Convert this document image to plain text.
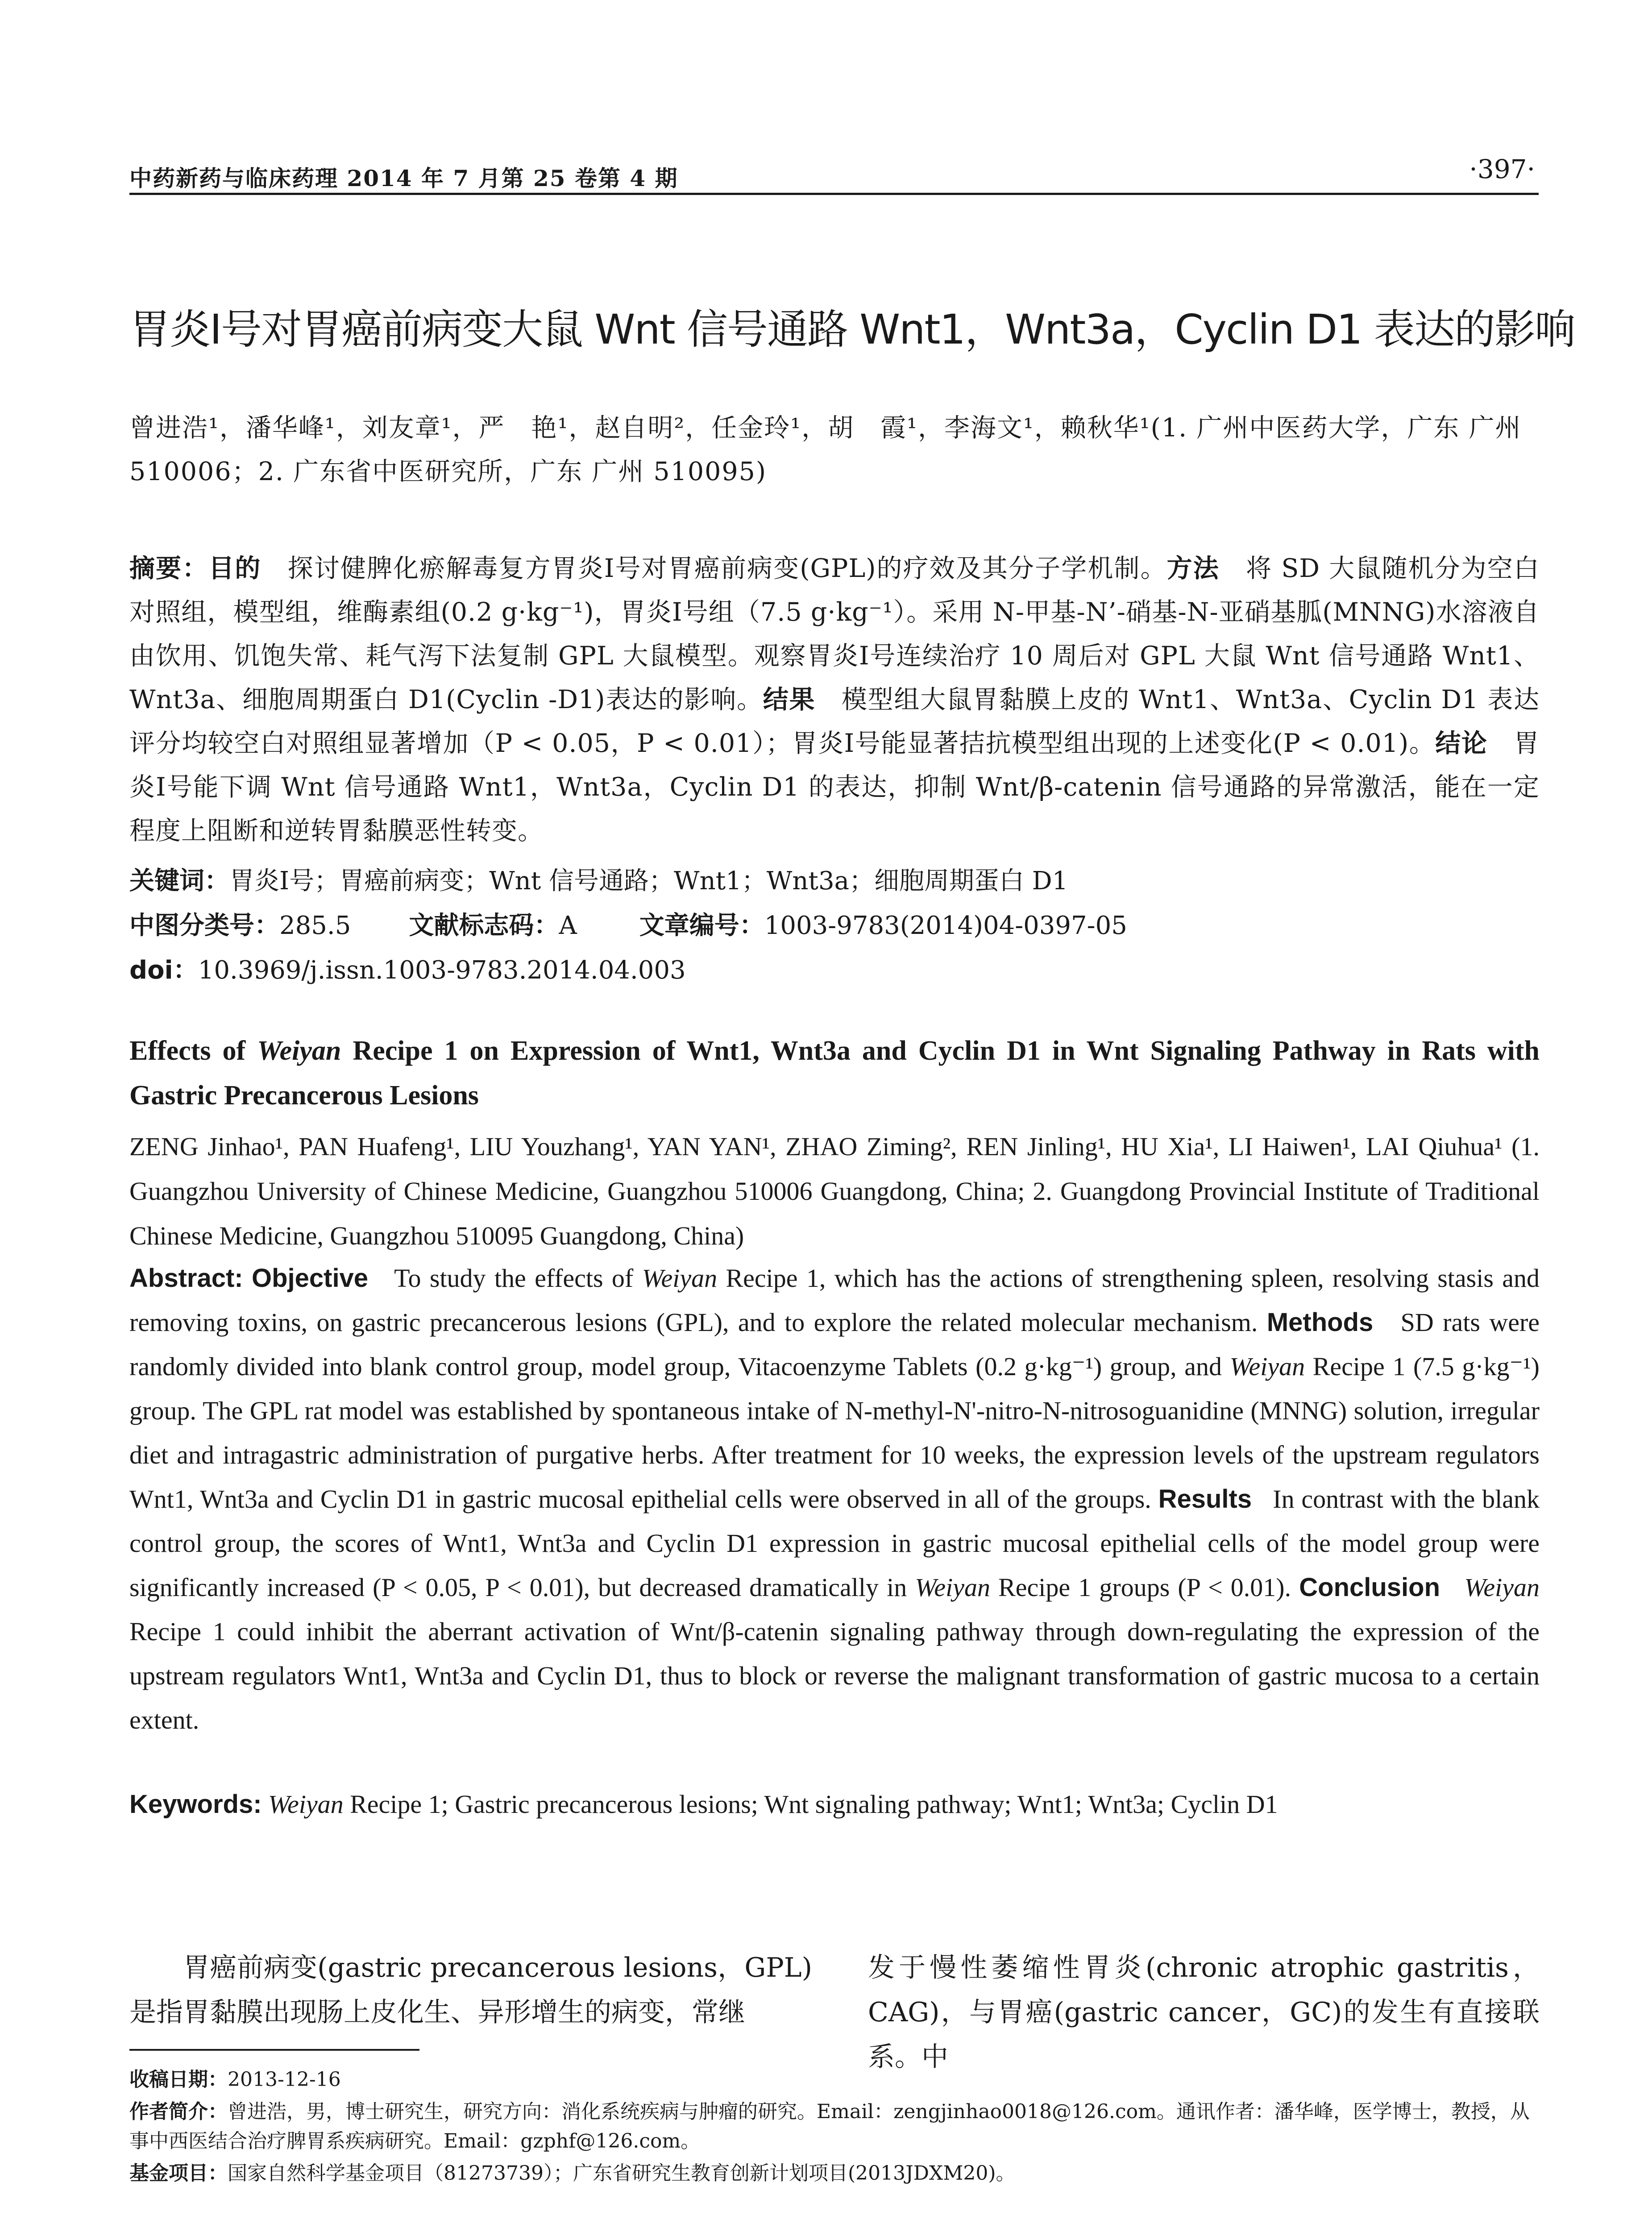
中药新药与临床药理 2014 年 7 月第 25 卷第 4 期	·397·
胃炎Ⅰ号对胃癌前病变大鼠 Wnt 信号通路 Wnt1，Wnt3a，Cyclin D1 表达的影响
曾进浩¹，潘华峰¹，刘友章¹，严　艳¹，赵自明²，任金玲¹，胡　霞¹，李海文¹，赖秋华¹(1. 广州中医药大学，广东 广州 510006；2. 广东省中医研究所，广东 广州 510095)
摘要：目的　 探讨健脾化瘀解毒复方胃炎Ⅰ号对胃癌前病变(GPL)的疗效及其分子学机制。方法　 将 SD 大鼠随机分为空白对照组，模型组，维酶素组(0.2 g·kg⁻¹)，胃炎Ⅰ号组（7.5 g·kg⁻¹）。采用 N-甲基-N’-硝基-N-亚硝基胍(MNNG)水溶液自由饮用、饥饱失常、耗气泻下法复制 GPL 大鼠模型。观察胃炎Ⅰ号连续治疗 10 周后对 GPL 大鼠 Wnt 信号通路 Wnt1、Wnt3a、细胞周期蛋白 D1(Cyclin -D1)表达的影响。结果　 模型组大鼠胃黏膜上皮的 Wnt1、Wnt3a、Cyclin D1 表达评分均较空白对照组显著增加（P < 0.05，P < 0.01）；胃炎Ⅰ号能显著拮抗模型组出现的上述变化(P < 0.01)。结论　 胃炎Ⅰ号能下调 Wnt 信号通路 Wnt1，Wnt3a，Cyclin D1 的表达，抑制 Wnt/β-catenin 信号通路的异常激活，能在一定程度上阻断和逆转胃黏膜恶性转变。
关键词：胃炎Ⅰ号；胃癌前病变；Wnt 信号通路；Wnt1；Wnt3a；细胞周期蛋白 D1
中图分类号：285.5 文献标志码：A	文章编号：1003-9783(2014)04-0397-05
doi：10.3969/j.issn.1003-9783.2014.04.003
Effects of Weiyan Recipe 1 on Expression of Wnt1, Wnt3a and Cyclin D1 in Wnt Signaling Pathway in Rats with Gastric Precancerous Lesions
ZENG Jinhao¹, PAN Huafeng¹, LIU Youzhang¹, YAN YAN¹, ZHAO Ziming², REN Jinling¹, HU Xia¹, LI Haiwen¹, LAI Qiuhua¹ (1. Guangzhou University of Chinese Medicine, Guangzhou 510006 Guangdong, China; 2. Guangdong Provincial Institute of Traditional Chinese Medicine, Guangzhou 510095 Guangdong, China)
Abstract: Objective To study the effects of Weiyan Recipe 1, which has the actions of strengthening spleen, resolving stasis and removing toxins, on gastric precancerous lesions (GPL), and to explore the related molecular mechanism. Methods SD rats were randomly divided into blank control group, model group, Vitacoenzyme Tablets (0.2 g·kg⁻¹) group, and Weiyan Recipe 1 (7.5 g·kg⁻¹) group. The GPL rat model was established by spontaneous intake of N-methyl-N'-nitro-N-nitrosoguanidine (MNNG) solution, irregular diet and intragastric administration of purgative herbs. After treatment for 10 weeks, the expression levels of the upstream regulators Wnt1, Wnt3a and Cyclin D1 in gastric mucosal epithelial cells were observed in all of the groups. Results In contrast with the blank control group, the scores of Wnt1, Wnt3a and Cyclin D1 expression in gastric mucosal epithelial cells of the model group were significantly increased (P < 0.05, P < 0.01), but decreased dramatically in Weiyan Recipe 1 groups (P < 0.01). Conclusion Weiyan Recipe 1 could inhibit the aberrant activation of Wnt/β-catenin signaling pathway through down-regulating the expression of the upstream regulators Wnt1, Wnt3a and Cyclin D1, thus to block or reverse the malignant transformation of gastric mucosa to a certain extent.
Keywords: Weiyan Recipe 1; Gastric precancerous lesions; Wnt signaling pathway; Wnt1; Wnt3a; Cyclin D1
胃癌前病变(gastric precancerous lesions，GPL)是指胃黏膜出现肠上皮化生、异形增生的病变，常继
发于慢性萎缩性胃炎(chronic atrophic gastritis，CAG)，与胃癌(gastric cancer，GC)的发生有直接联系。中
收稿日期：2013-12-16
作者简介：曾进浩，男，博士研究生，研究方向：消化系统疾病与肿瘤的研究。Email：zengjinhao0018@126.com。通讯作者：潘华峰，医学博士，教授，从事中西医结合治疗脾胃系疾病研究。Email：gzphf@126.com。
基金项目：国家自然科学基金项目（81273739）；广东省研究生教育创新计划项目(2013JDXM20)。
